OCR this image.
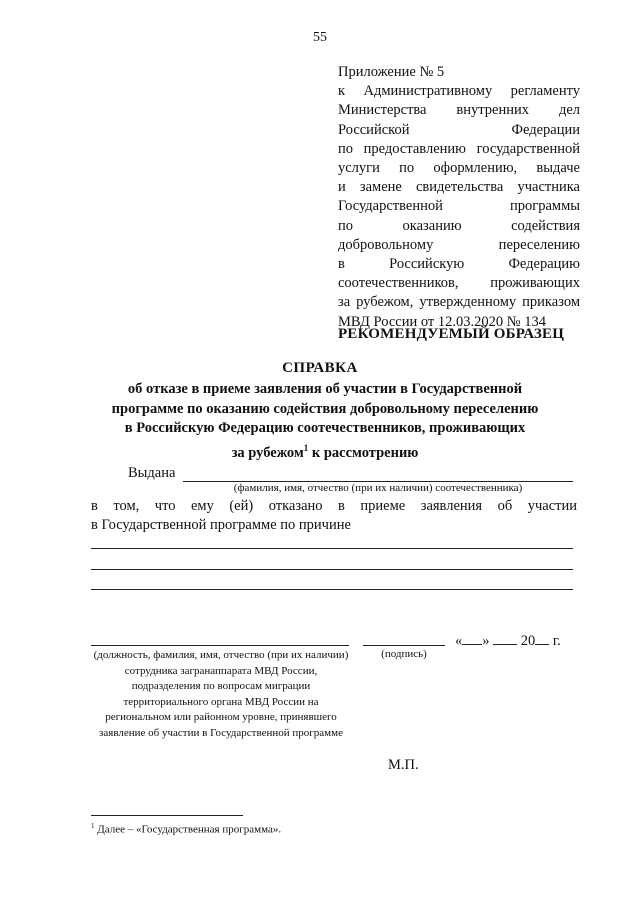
55
Приложение № 5
к Административному регламенту
Министерства внутренних дел
Российской Федерации
по предоставлению государственной
услуги по оформлению, выдаче
и замене свидетельства участника
Государственной программы
по оказанию содействия
добровольному переселению
в Российскую Федерацию
соотечественников, проживающих
за рубежом, утвержденному приказом
МВД России от 12.03.2020 № 134
РЕКОМЕНДУЕМЫЙ ОБРАЗЕЦ
СПРАВКА
об отказе в приеме заявления об участии в Государственной
программе по оказанию содействия добровольному переселению
в Российскую Федерацию соотечественников, проживающих
за рубежом$^1$ к рассмотрению
Выдана
(фамилия, имя, отчество (при их наличии) соотечественника)
в том, что ему (ей) отказано в приеме заявления об участии
в Государственной программе по причине
« » 20 г.
(должность, фамилия, имя, отчество (при их наличии) сотрудника загранаппарата МВД России, подразделения по вопросам миграции территориального органа МВД России на региональном или районном уровне, принявшего заявление об участии в Государственной программе
(подпись)
М.П.
$^1$ Далее – «Государственная программа».
